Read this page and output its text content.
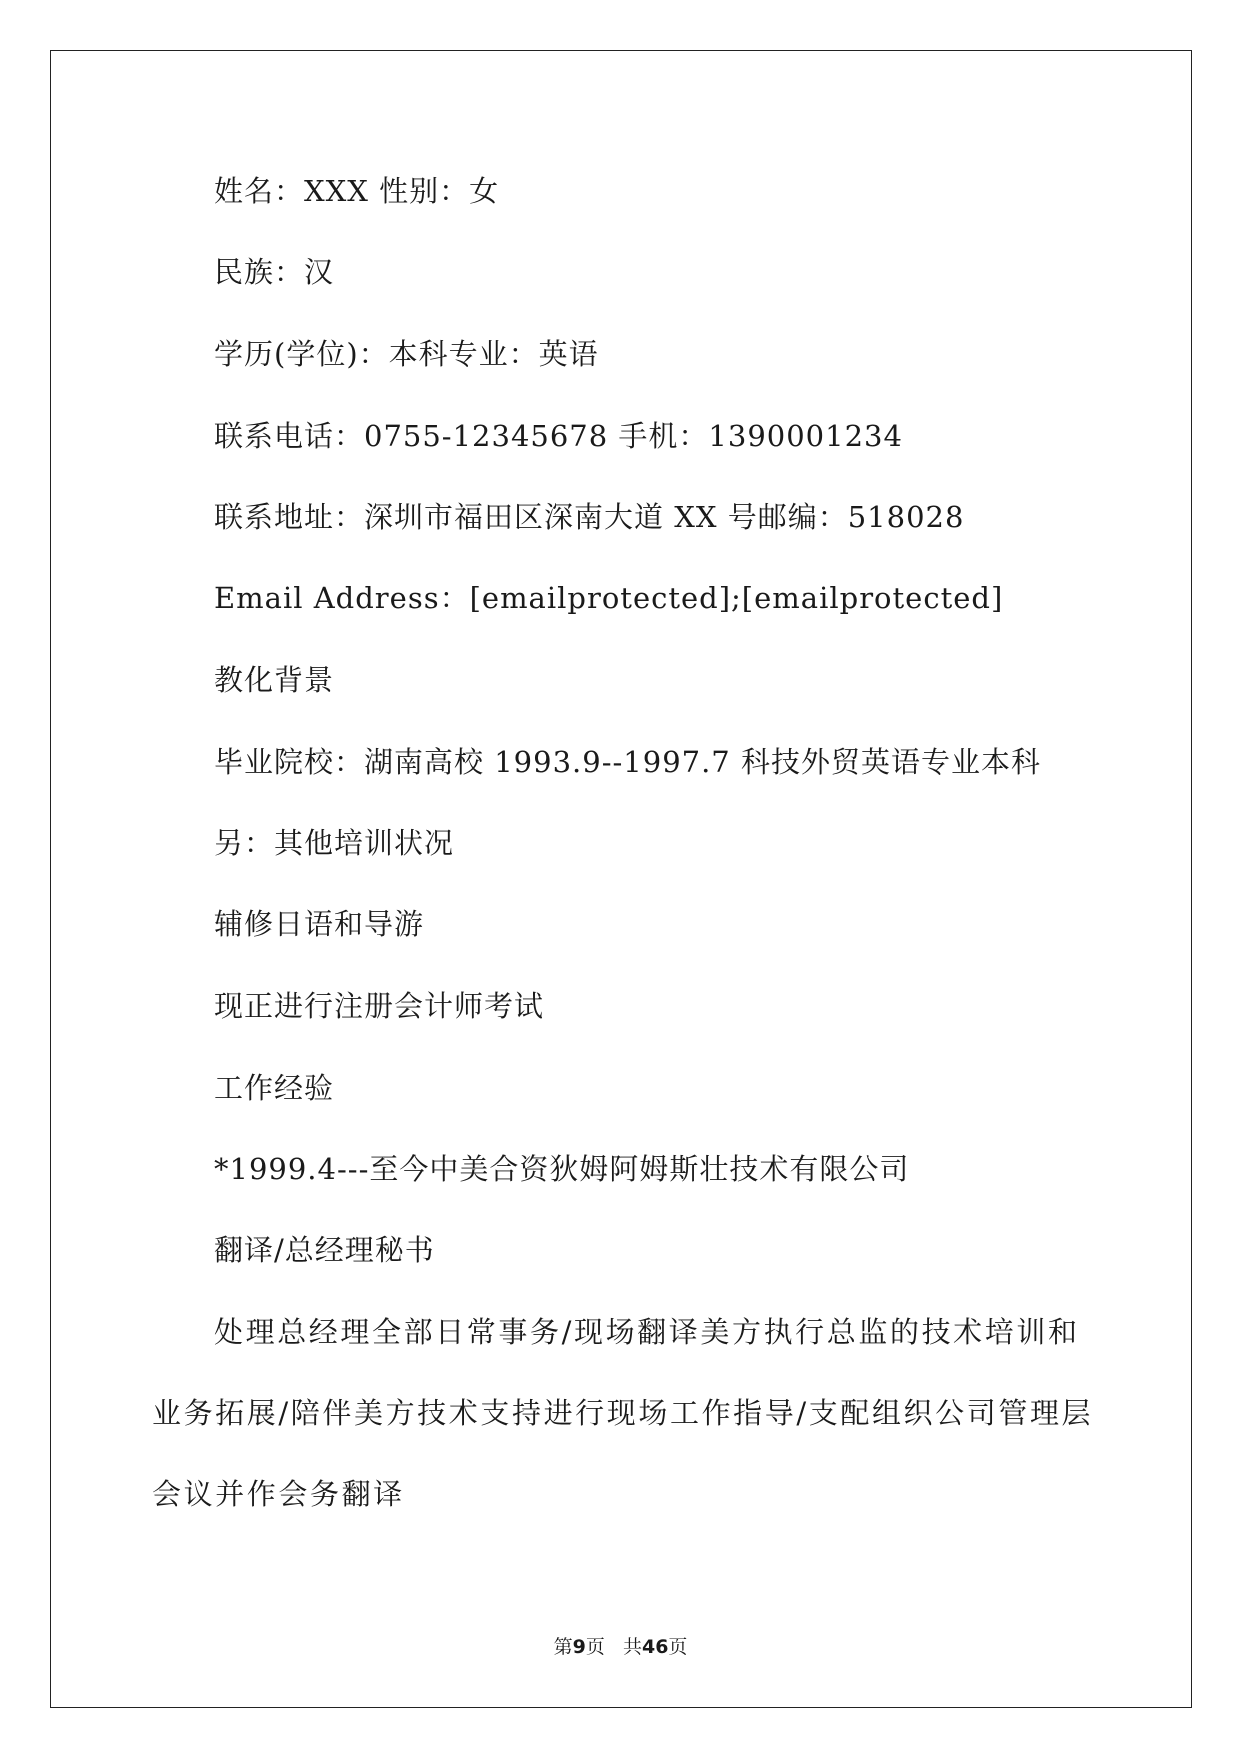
姓名：XXX 性别：女
民族：汉
学历(学位)：本科专业：英语
联系电话：0755-12345678 手机：1390001234
联系地址：深圳市福田区深南大道 XX 号邮编：518028
Email Address：[emailprotected];[emailprotected]
教化背景
毕业院校：湖南高校 1993.9--1997.7 科技外贸英语专业本科
另：其他培训状况
辅修日语和导游
现正进行注册会计师考试
工作经验
*1999.4---至今中美合资狄姆阿姆斯壮技术有限公司
翻译/总经理秘书
处理总经理全部日常事务/现场翻译美方执行总监的技术培训和
业务拓展/陪伴美方技术支持进行现场工作指导/支配组织公司管理层
会议并作会务翻译
第9页 共46页
